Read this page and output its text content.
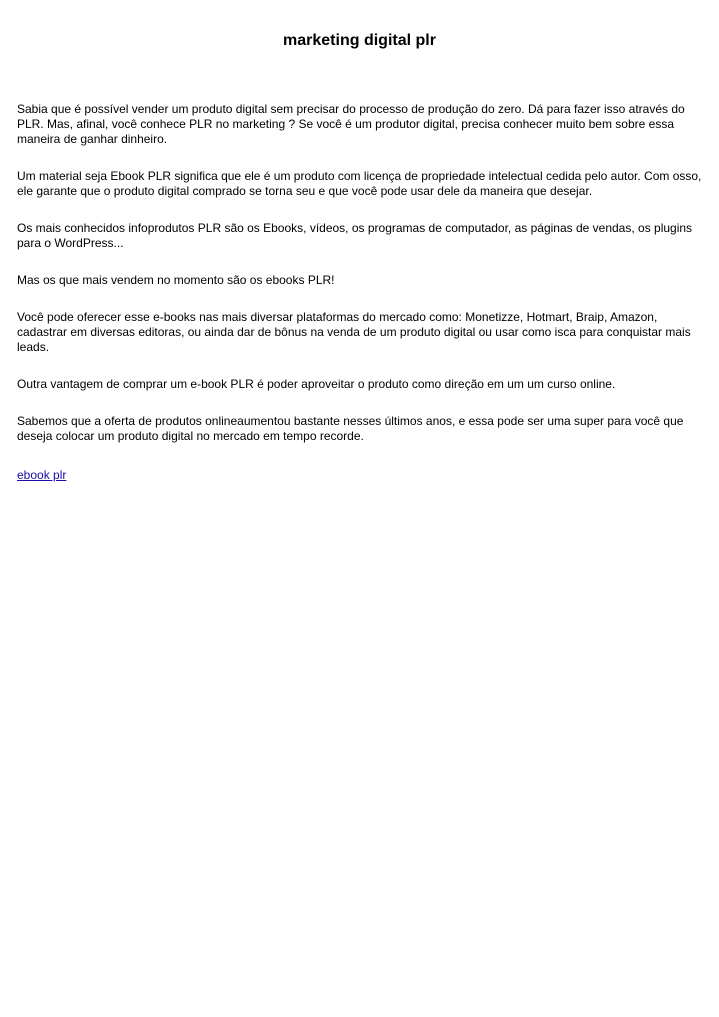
marketing digital plr

Sabia que é possível vender um produto digital sem precisar do processo de produção do zero. Dá para fazer isso através do PLR. Mas, afinal, você conhece PLR no marketing ? Se você é um produtor digital, precisa conhecer muito bem sobre essa maneira de ganhar dinheiro.

Um material seja Ebook PLR significa que ele é um produto com licença de propriedade intelectual cedida pelo autor. Com osso, ele garante que o produto digital comprado se torna seu e que você pode usar dele da maneira que desejar.

Os mais conhecidos infoprodutos PLR são os Ebooks, vídeos, os programas de computador, as páginas de vendas, os plugins para o WordPress...

Mas os que mais vendem no momento são os ebooks PLR!

Você pode oferecer esse e-books nas mais diversar plataformas do mercado como: Monetizze, Hotmart, Braip, Amazon, cadastrar em diversas editoras, ou ainda dar de bônus na venda de um produto digital ou usar como isca para conquistar mais leads.

Outra vantagem de comprar um e-book PLR é poder aproveitar o produto como direção em um um curso online.

Sabemos que a oferta de produtos onlineaumentou bastante nesses últimos anos, e essa pode ser uma super para você que deseja colocar um produto digital no mercado em tempo recorde.

ebook plr
